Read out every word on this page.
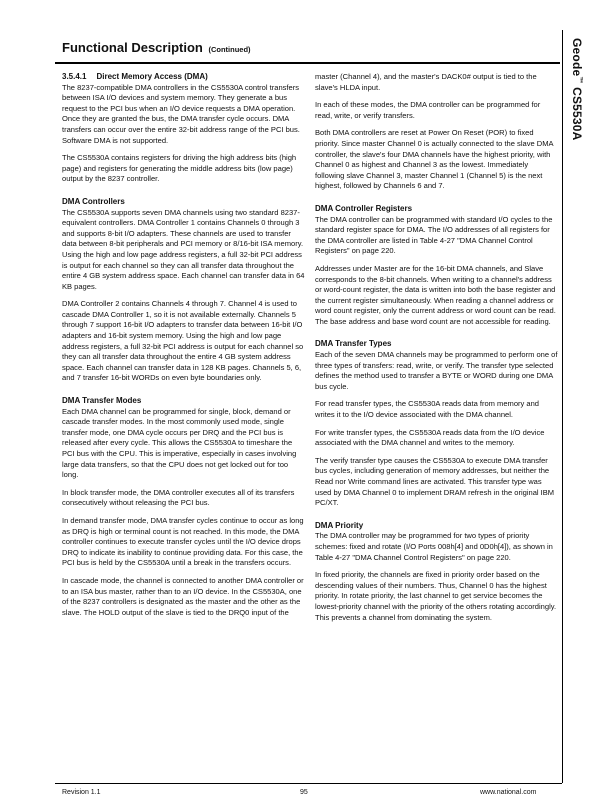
Functional Description (Continued)	Geode™ CS5530A
3.5.4.1 Direct Memory Access (DMA)

The 8237-compatible DMA controllers in the CS5530A control transfers between ISA I/O devices and system memory. They generate a bus request to the PCI bus when an I/O device requests a DMA operation. Once they are granted the bus, the DMA transfer cycle occurs. DMA transfers can occur over the entire 32-bit address range of the PCI bus. Software DMA is not supported.

The CS5530A contains registers for driving the high address bits (high page) and registers for generating the middle address bits (low page) output by the 8237 controller.

DMA Controllers

The CS5530A supports seven DMA channels using two standard 8237-equivalent controllers. DMA Controller 1 contains Channels 0 through 3 and supports 8-bit I/O adapters. These channels are used to transfer data between 8-bit peripherals and PCI memory or 8/16-bit ISA memory. Using the high and low page address registers, a full 32-bit PCI address is output for each channel so they can all transfer data throughout the entire 4 GB system address space. Each channel can transfer data in 64 KB pages.

DMA Controller 2 contains Channels 4 through 7. Channel 4 is used to cascade DMA Controller 1, so it is not available externally. Channels 5 through 7 support 16-bit I/O adapters to transfer data between 16-bit I/O adapters and 16-bit system memory. Using the high and low page address registers, a full 32-bit PCI address is output for each channel so they can all transfer data throughout the entire 4 GB system address space. Each channel can transfer data in 128 KB pages. Channels 5, 6, and 7 transfer 16-bit WORDs on even byte boundaries only.

DMA Transfer Modes

Each DMA channel can be programmed for single, block, demand or cascade transfer modes. In the most commonly used mode, single transfer mode, one DMA cycle occurs per DRQ and the PCI bus is released after every cycle. This allows the CS5530A to timeshare the PCI bus with the CPU. This is imperative, especially in cases involving large data transfers, so that the CPU does not get locked out for too long.

In block transfer mode, the DMA controller executes all of its transfers consecutively without releasing the PCI bus.

In demand transfer mode, DMA transfer cycles continue to occur as long as DRQ is high or terminal count is not reached. In this mode, the DMA controller continues to execute transfer cycles until the I/O device drops DRQ to indicate its inability to continue providing data. For this case, the PCI bus is held by the CS5530A until a break in the transfers occurs.

In cascade mode, the channel is connected to another DMA controller or to an ISA bus master, rather than to an I/O device. In the CS5530A, one of the 8237 controllers is designated as the master and the other as the slave. The HOLD output of the slave is tied to the DRQ0 input of the

master (Channel 4), and the master's DACK0# output is tied to the slave's HLDA input.

In each of these modes, the DMA controller can be programmed for read, write, or verify transfers.

Both DMA controllers are reset at Power On Reset (POR) to fixed priority. Since master Channel 0 is actually connected to the slave DMA controller, the slave's four DMA channels have the highest priority, with Channel 0 as highest and Channel 3 as the lowest. Immediately following slave Channel 3, master Channel 1 (Channel 5) is the next highest, followed by Channels 6 and 7.

DMA Controller Registers

The DMA controller can be programmed with standard I/O cycles to the standard register space for DMA. The I/O addresses of all registers for the DMA controller are listed in Table 4-27 "DMA Channel Control Registers" on page 220.

Addresses under Master are for the 16-bit DMA channels, and Slave corresponds to the 8-bit channels. When writing to a channel's address or word-count register, the data is written into both the base register and the current register simultaneously. When reading a channel address or word count register, only the current address or word count can be read. The base address and base word count are not accessible for reading.

DMA Transfer Types

Each of the seven DMA channels may be programmed to perform one of three types of transfers: read, write, or verify. The transfer type selected defines the method used to transfer a BYTE or WORD during one DMA bus cycle.

For read transfer types, the CS5530A reads data from memory and writes it to the I/O device associated with the DMA channel.

For write transfer types, the CS5530A reads data from the I/O device associated with the DMA channel and writes to the memory.

The verify transfer type causes the CS5530A to execute DMA transfer bus cycles, including generation of memory addresses, but neither the Read nor Write command lines are activated. This transfer type was used by DMA Channel 0 to implement DRAM refresh in the original IBM PC/XT.

DMA Priority

The DMA controller may be programmed for two types of priority schemes: fixed and rotate (I/O Ports 008h[4] and 0D0h[4]), as shown in Table 4-27 "DMA Channel Control Registers" on page 220.

In fixed priority, the channels are fixed in priority order based on the descending values of their numbers. Thus, Channel 0 has the highest priority. In rotate priority, the last channel to get service becomes the lowest-priority channel with the priority of the others rotating accordingly. This prevents a channel from dominating the system.

Revision 1.1	95	www.national.com
